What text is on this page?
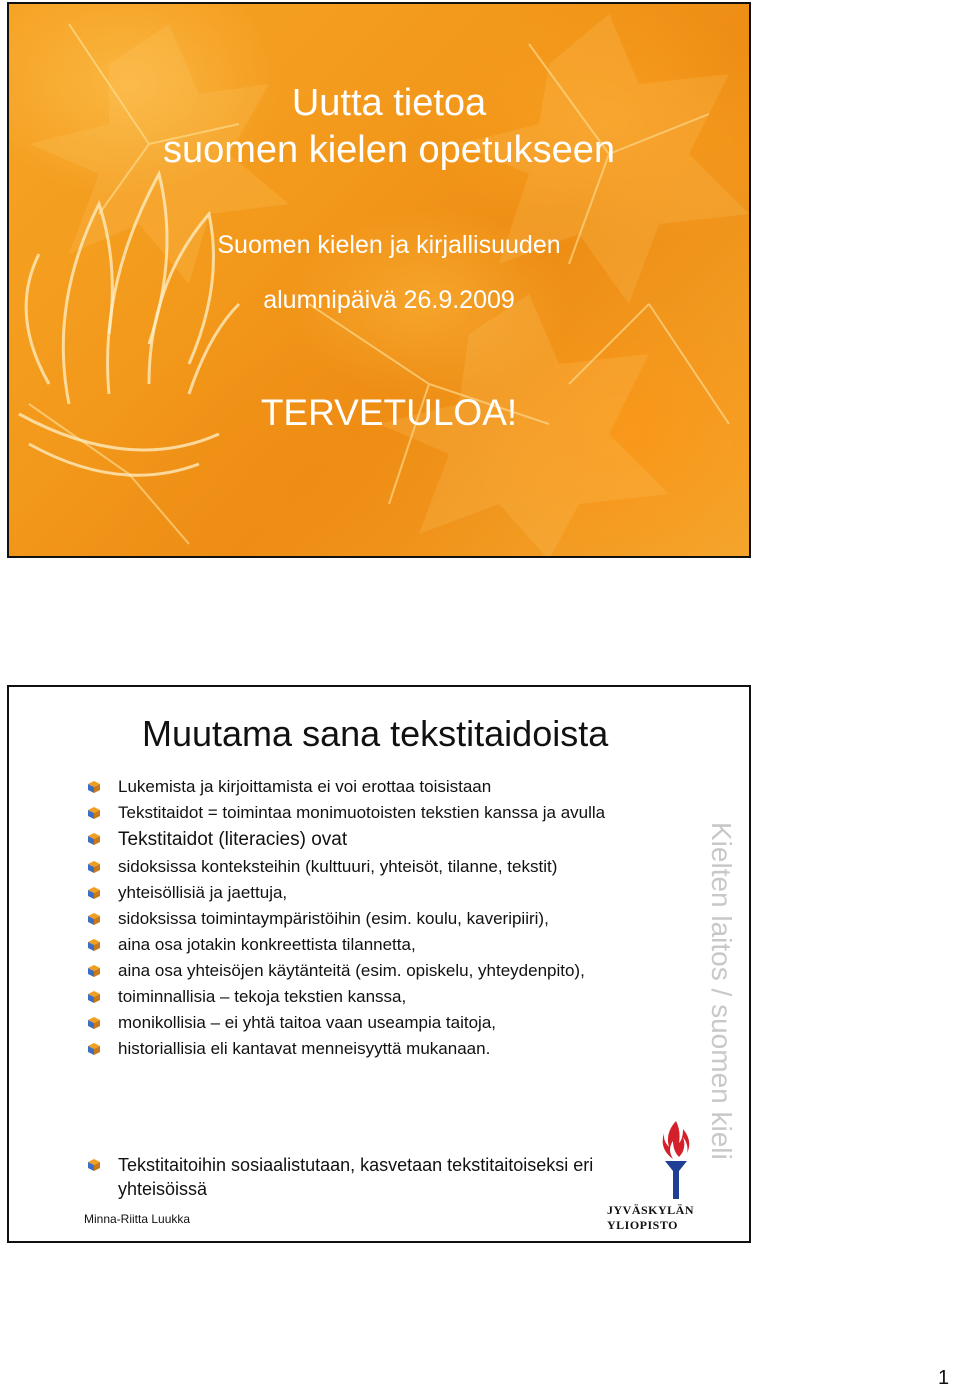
Uutta tietoa
suomen kielen opetukseen
Suomen kielen ja kirjallisuuden
alumnipäivä 26.9.2009
TERVETULOA!
Muutama sana tekstitaidoista
Lukemista ja kirjoittamista ei voi erottaa toisistaan
Tekstitaidot = toimintaa monimuotoisten tekstien kanssa ja avulla
Tekstitaidot (literacies) ovat
sidoksissa konteksteihin (kulttuuri, yhteisöt, tilanne, tekstit)
yhteisöllisiä ja jaettuja,
sidoksissa toimintaympäristöihin (esim. koulu, kaveripiiri),
aina osa jotakin konkreettista tilannetta,
aina osa yhteisöjen käytänteitä (esim. opiskelu, yhteydenpito),
toiminnallisia – tekoja tekstien kanssa,
monikollisia – ei yhtä taitoa vaan useampia taitoja,
historiallisia eli kantavat menneisyyttä mukanaan.
Tekstitaitoihin sosiaalistutaan, kasvetaan tekstitaitoiseksi eri yhteisöissä
Minna-Riitta Luukka
Kielten laitos / suomen kieli
JYVÄSKYLÄN YLIOPISTO
1
